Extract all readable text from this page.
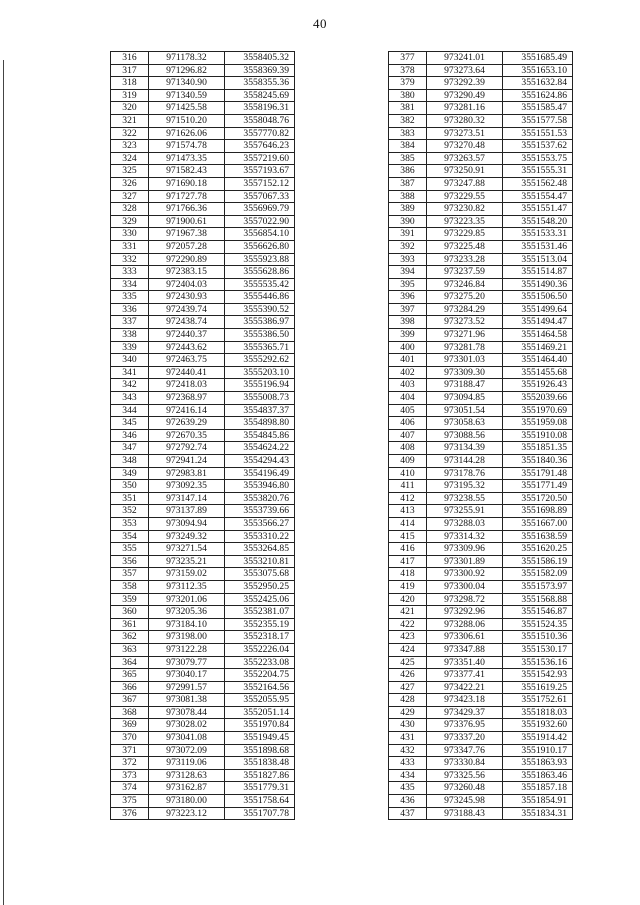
40
316	971178.32	3558405.32
317	971296.82	3558369.39
318	971340.90	3558355.36
319	971340.59	3558245.69
320	971425.58	3558196.31
321	971510.20	3558048.76
322	971626.06	3557770.82
323	971574.78	3557646.23
324	971473.35	3557219.60
325	971582.43	3557193.67
326	971690.18	3557152.12
327	971727.78	3557067.33
328	971766.36	3556969.79
329	971900.61	3557022.90
330	971967.38	3556854.10
331	972057.28	3556626.80
332	972290.89	3555923.88
333	972383.15	3555628.86
334	972404.03	3555535.42
335	972430.93	3555446.86
336	972439.74	3555390.52
337	972438.74	3555386.97
338	972440.37	3555386.50
339	972443.62	3555365.71
340	972463.75	3555292.62
341	972440.41	3555203.10
342	972418.03	3555196.94
343	972368.97	3555008.73
344	972416.14	3554837.37
345	972639.29	3554898.80
346	972670.35	3554845.86
347	972792.74	3554624.22
348	972941.24	3554294.43
349	972983.81	3554196.49
350	973092.35	3553946.80
351	973147.14	3553820.76
352	973137.89	3553739.66
353	973094.94	3553566.27
354	973249.32	3553310.22
355	973271.54	3553264.85
356	973235.21	3553210.81
357	973159.02	3553075.68
358	973112.35	3552950.25
359	973201.06	3552425.06
360	973205.36	3552381.07
361	973184.10	3552355.19
362	973198.00	3552318.17
363	973122.28	3552226.04
364	973079.77	3552233.08
365	973040.17	3552204.75
366	972991.57	3552164.56
367	973081.38	3552055.95
368	973078.44	3552051.14
369	973028.02	3551970.84
370	973041.08	3551949.45
371	973072.09	3551898.68
372	973119.06	3551838.48
373	973128.63	3551827.86
374	973162.87	3551779.31
375	973180.00	3551758.64
376	973223.12	3551707.78
377	973241.01	3551685.49
378	973273.64	3551653.10
379	973292.39	3551632.84
380	973290.49	3551624.86
381	973281.16	3551585.47
382	973280.32	3551577.58
383	973273.51	3551551.53
384	973270.48	3551537.62
385	973263.57	3551553.75
386	973250.91	3551555.31
387	973247.88	3551562.48
388	973229.55	3551554.47
389	973230.82	3551551.47
390	973223.35	3551548.20
391	973229.85	3551533.31
392	973225.48	3551531.46
393	973233.28	3551513.04
394	973237.59	3551514.87
395	973246.84	3551490.36
396	973275.20	3551506.50
397	973284.29	3551499.64
398	973273.52	3551494.47
399	973271.96	3551464.58
400	973281.78	3551469.21
401	973301.03	3551464.40
402	973309.30	3551455.68
403	973188.47	3551926.43
404	973094.85	3552039.66
405	973051.54	3551970.69
406	973058.63	3551959.08
407	973088.56	3551910.08
408	973134.39	3551851.35
409	973144.28	3551840.36
410	973178.76	3551791.48
411	973195.32	3551771.49
412	973238.55	3551720.50
413	973255.91	3551698.89
414	973288.03	3551667.00
415	973314.32	3551638.59
416	973309.96	3551620.25
417	973301.89	3551586.19
418	973300.92	3551582.09
419	973300.04	3551573.97
420	973298.72	3551568.88
421	973292.96	3551546.87
422	973288.06	3551524.35
423	973306.61	3551510.36
424	973347.88	3551530.17
425	973351.40	3551536.16
426	973377.41	3551542.93
427	973422.21	3551619.25
428	973423.18	3551752.61
429	973429.37	3551818.03
430	973376.95	3551932.60
431	973337.20	3551914.42
432	973347.76	3551910.17
433	973330.84	3551863.93
434	973325.56	3551863.46
435	973260.48	3551857.18
436	973245.98	3551854.91
437	973188.43	3551834.31
